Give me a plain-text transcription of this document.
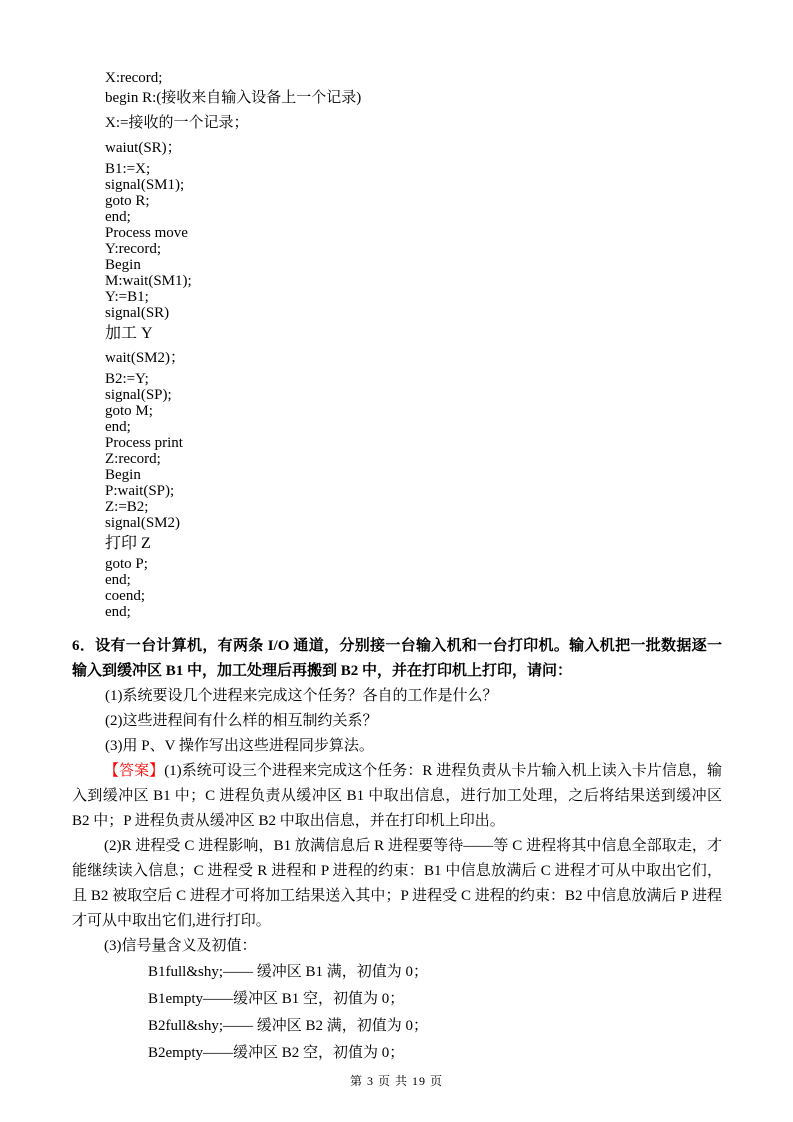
X:record;
begin R:(接收来自输入设备上一个记录)
X:=接收的一个记录；
waiut(SR)；
B1:=X;
signal(SM1);
goto R;
end;
Process move
Y:record;
Begin
M:wait(SM1);
Y:=B1;
signal(SR)
加工 Y
wait(SM2)；
B2:=Y;
signal(SP);
goto M;
end;
Process print
Z:record;
Begin
P:wait(SP);
Z:=B2;
signal(SM2)
打印 Z
goto P;
end;
coend;
end;
6．设有一台计算机，有两条 I/O 通道，分别接一台输入机和一台打印机。输入机把一批数据逐一输入到缓冲区 B1 中，加工处理后再搬到 B2 中，并在打印机上打印，请问：
(1)系统要设几个进程来完成这个任务？各自的工作是什么？
(2)这些进程间有什么样的相互制约关系？
(3)用 P、V 操作写出这些进程同步算法。

【答案】(1)系统可设三个进程来完成这个任务：R 进程负责从卡片输入机上读入卡片信息，输入到缓冲区 B1 中；C 进程负责从缓冲区 B1 中取出信息，进行加工处理，之后将结果送到缓冲区 B2 中；P 进程负责从缓冲区 B2 中取出信息，并在打印机上印出。

(2)R 进程受 C 进程影响，B1 放满信息后 R 进程要等待——等 C 进程将其中信息全部取走，才能继续读入信息；C 进程受 R 进程和 P 进程的约束：B1 中信息放满后 C 进程才可从中取出它们，且 B2 被取空后 C 进程才可将加工结果送入其中；P 进程受 C 进程的约束：B2 中信息放满后 P 进程才可从中取出它们,进行打印。

(3)信号量含义及初值：

B1full&shy;—— 缓冲区 B1 满，初值为 0；
B1empty——缓冲区 B1 空，初值为 0；
B2full&shy;—— 缓冲区 B2 满，初值为 0；
B2empty——缓冲区 B2 空，初值为 0；
第 3 页 共 19 页
